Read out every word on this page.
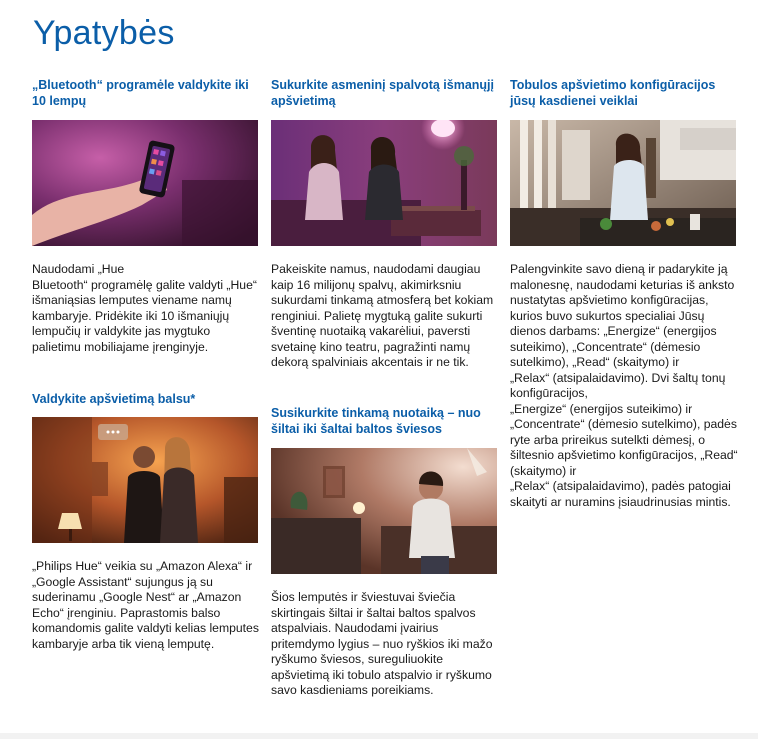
Ypatybės

„Bluetooth“ programėle valdykite iki 10 lempų

Naudodami „Hue
Bluetooth“ programėlę galite valdyti „Hue“ išmaniąsias lemputes viename namų kambaryje. Pridėkite iki 10 išmaniųjų lempučių ir valdykite jas mygtuko palietimu mobiliajame įrenginyje.

Valdykite apšvietimą balsu*

„Philips Hue“ veikia su „Amazon Alexa“ ir „Google Assistant“ sujungus ją su suderinamu „Google Nest“ ar „Amazon Echo“ įrenginiu. Paprastomis balso komandomis galite valdyti kelias lemputes kambaryje arba tik vieną lemputę.

Sukurkite asmeninį spalvotą išmanųjį apšvietimą

Pakeiskite namus, naudodami daugiau kaip 16 milijonų spalvų, akimirksniu sukurdami tinkamą atmosferą bet kokiam renginiui. Palietę mygtuką galite sukurti šventinę nuotaiką vakarėliui, paversti svetainę kino teatru, pagražinti namų dekorą spalviniais akcentais ir ne tik.

Susikurkite tinkamą nuotaiką – nuo šiltai iki šaltai baltos šviesos

Šios lemputės ir šviestuvai šviečia skirtingais šiltai ir šaltai baltos spalvos atspalviais. Naudodami įvairius pritemdymo lygius – nuo ryškios iki mažo ryškumo šviesos, sureguliuokite apšvietimą iki tobulo atspalvio ir ryškumo savo kasdieniams poreikiams.

Tobulos apšvietimo konfigūracijos jūsų kasdienei veiklai

Palengvinkite savo dieną ir padarykite ją malonesnę, naudodami keturias iš anksto nustatytas apšvietimo konfigūracijas, kurios buvo sukurtos specialiai Jūsų dienos darbams: „Energize“ (energijos suteikimo), „Concentrate“ (dėmesio sutelkimo), „Read“ (skaitymo) ir
„Relax“ (atsipalaidavimo). Dvi šaltų tonų konfigūracijos,
„Energize“ (energijos suteikimo) ir „Concentrate“ (dėmesio sutelkimo), padės ryte arba prireikus sutelkti dėmesį, o šiltesnio apšvietimo konfigūracijos, „Read“ (skaitymo) ir
„Relax“ (atsipalaidavimo), padės patogiai skaityti ar nuramins įsiaudrinusias mintis.
